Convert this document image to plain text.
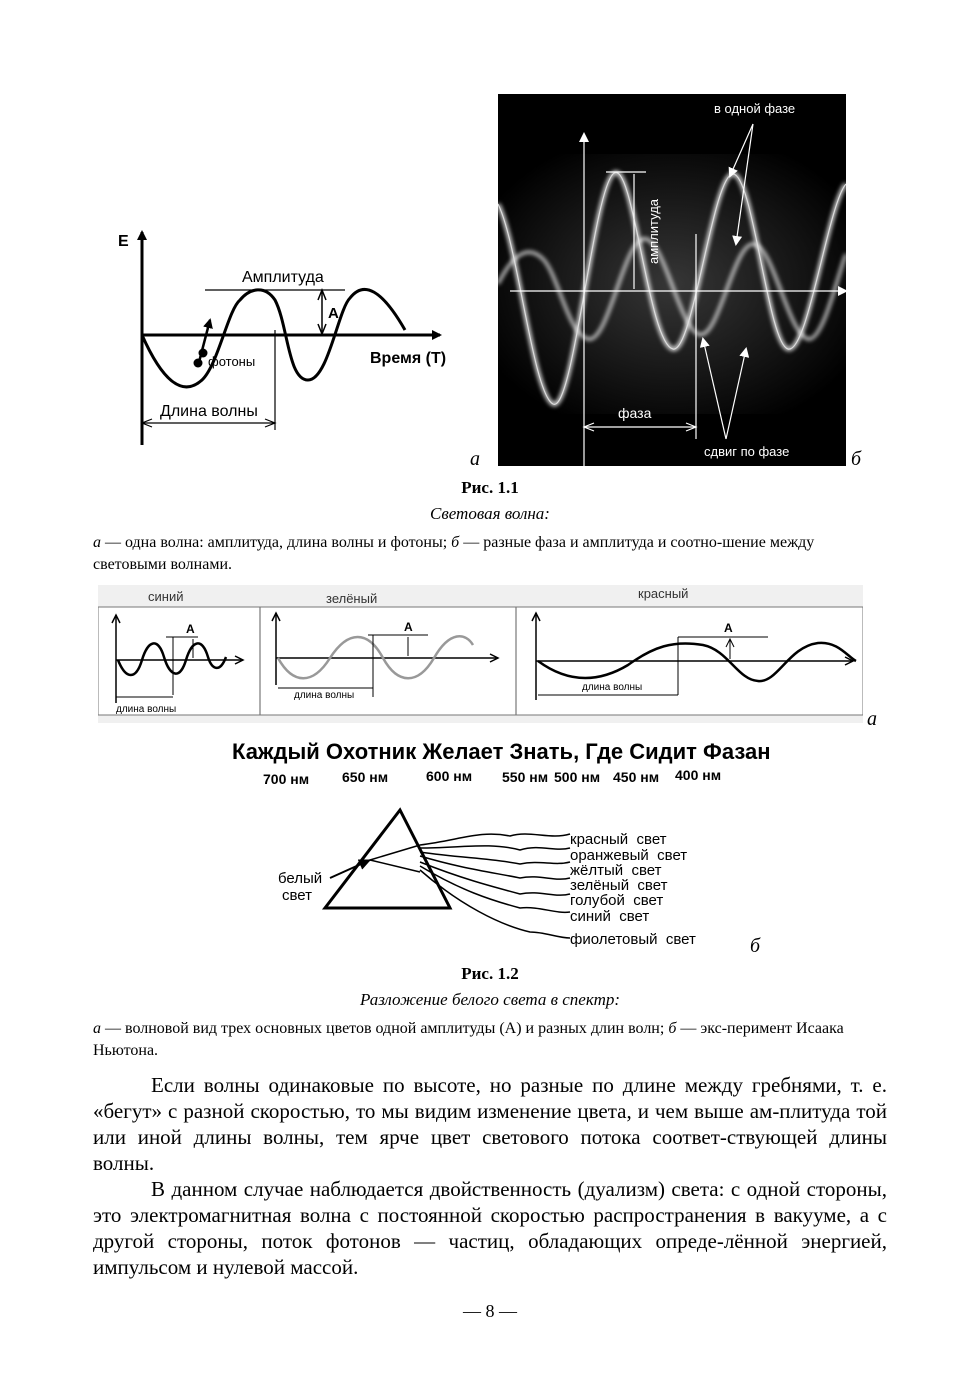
E
Амплитуда
А
Время (Т)
фотоны
Длина волны
а
в одной фазе
амплитуда
фаза
сдвиг по фазе	б
Рис. 1.1
Световая волна:
а — одна волна: амплитуда, длина волны и фотоны; б — разные фаза и амплитуда и соотно-шение между световыми волнами.
синий
А
длина волны
зелёный
А
длина волны
красный
А
длина волны
а
Каждый Охотник Желает Знать, Где Сидит Фазан
700 нм 650 нм	600 нм 550 нм 500 нм 450 нм 400 нм
белый
свет
красный  свет
оранжевый  свет
жёлтый  свет
зелёный  свет
голубой  свет
синий  свет
фиолетовый  свет	б
Рис. 1.2
Разложение белого света в спектр:
а — волновой вид трех основных цветов одной амплитуды (А) и разных длин волн; б — экс-перимент Исаака Ньютона.
Если волны одинаковые по высоте, но разные по длине между гребнями, т. е. «бегут» с разной скоростью, то мы видим изменение цвета, и чем выше ам-плитуда той или иной длины волны, тем ярче цвет светового потока соответ-ствующей длины волны.
В данном случае наблюдается двойственность (дуализм) света: с одной стороны, это электромагнитная волна с постоянной скоростью распространения в вакууме, а с другой стороны, поток фотонов — частиц, обладающих опреде-лённой энергией, импульсом и нулевой массой.
— 8 —
